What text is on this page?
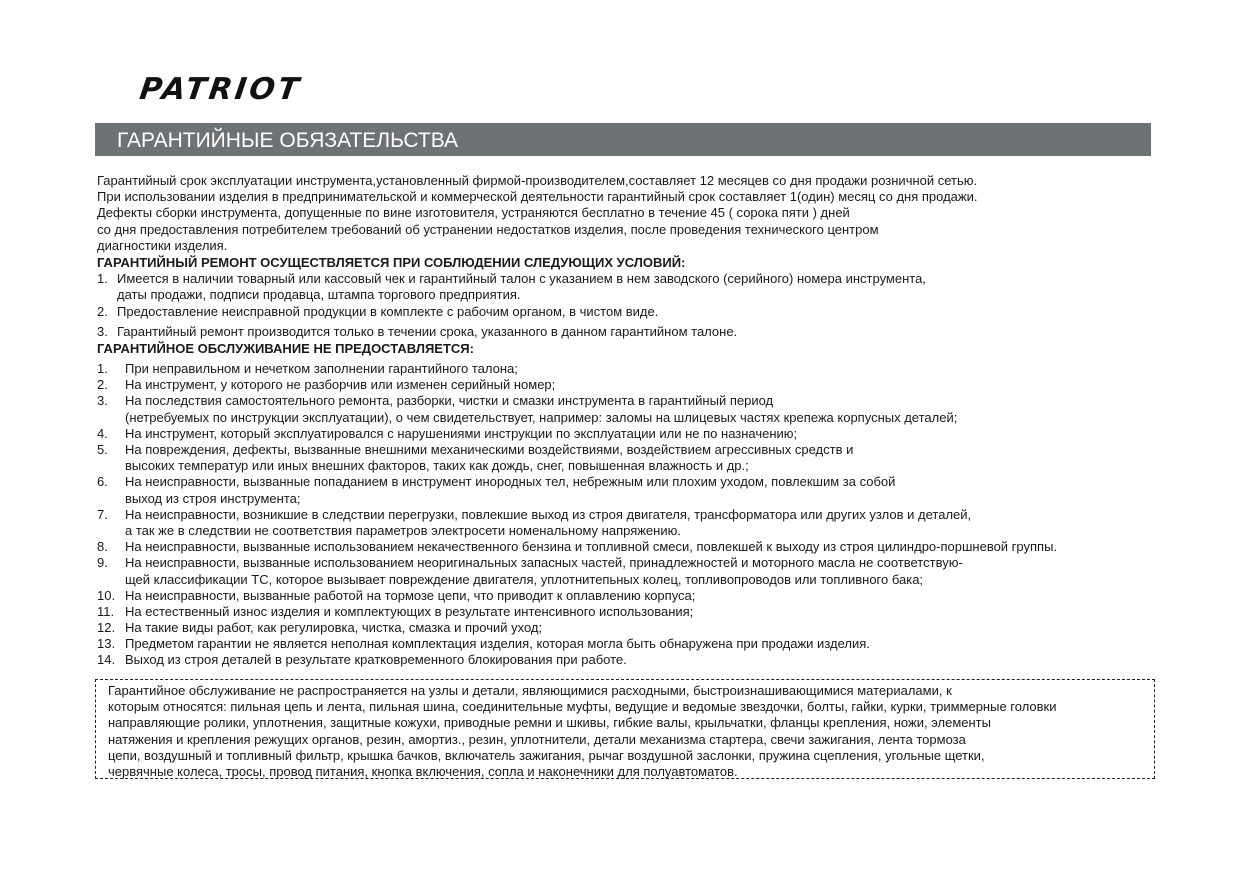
PATRIOT
ГАРАНТИЙНЫЕ ОБЯЗАТЕЛЬСТВА
Гарантийный срок эксплуатации инструмента,установленный фирмой-производителем,составляет 12 месяцев со дня продажи розничной сетью.
При использовании изделия в предпринимательской и коммерческой деятельности гарантийный срок составляет 1(один) месяц со дня продажи.
Дефекты сборки инструмента, допущенные по вине изготовителя, устраняются бесплатно в течение 45 ( сорока пяти ) дней
со дня предоставления потребителем требований об устранении недостатков изделия, после проведения технического центром
диагностики изделия.
ГАРАНТИЙНЫЙ РЕМОНТ ОСУЩЕСТВЛЯЕТСЯ ПРИ СОБЛЮДЕНИИ СЛЕДУЮЩИХ УСЛОВИЙ:
1. Имеется в наличии товарный или кассовый чек и гарантийный талон с указанием в нем заводского (серийного) номера инструмента,
даты продажи, подписи продавца, штампа торгового предприятия.
2. Предоставление неисправной продукции в комплекте с рабочим органом, в чистом виде.
3. Гарантийный ремонт производится только в течении срока, указанного в данном гарантийном талоне.
ГАРАНТИЙНОЕ ОБСЛУЖИВАНИЕ НЕ ПРЕДОСТАВЛЯЕТСЯ:
1. При неправильном и нечетком заполнении гарантийного талона;
2. На инструмент, у которого не разборчив или изменен серийный номер;
3. На последствия самостоятельного ремонта, разборки, чистки и смазки инструмента в гарантийный период
(нетребуемых по инструкции эксплуатации), о чем свидетельствует, например: заломы на шлицевых частях крепежа корпусных деталей;
4. На инструмент, который эксплуатировался с нарушениями инструкции по эксплуатации или не по назначению;
5. На повреждения, дефекты, вызванные внешними механическими воздействиями, воздействием агрессивных средств и
высоких температур или иных внешних факторов, таких как дождь, снег, повышенная влажность и др.;
6. На неисправности, вызванные попаданием в инструмент инородных тел, небрежным или плохим уходом, повлекшим за собой
выход из строя инструмента;
7. На неисправности, возникшие в следствии перегрузки, повлекшие выход из строя двигателя, трансформатора или других узлов и деталей,
а так же в следствии не соответствия параметров электросети номенальному напряжению.
8. На неисправности, вызванные использованием некачественного бензина и топливной смеси, повлекшей к выходу из строя цилиндро-поршневой группы.
9. На неисправности, вызванные использованием неоригинальных запасных частей, принадлежностей и моторного масла не соответствую-
щей классификации ТС, которое вызывает повреждение двигателя, уплотнитепьных колец, топливопроводов или топливного бака;
10. На неисправности, вызванные работой на тормозе цепи, что приводит к оплавлению корпуса;
11. На естественный износ изделия и комплектующих в результате интенсивного использования;
12. На такие виды работ, как регулировка, чистка, смазка и прочий уход;
13. Предметом гарантии не является неполная комплектация изделия, которая могла быть обнаружена при продажи изделия.
14. Выход из строя деталей в результате кратковременного блокирования при работе.
Гарантийное обслуживание не распространяется на узлы и детали, являющимися расходными, быстроизнашивающимися материалами, к
которым относятся: пильная цепь и лента, пильная шина, соединительные муфты, ведущие и ведомые звездочки, болты, гайки, курки, триммерные головки
направляющие ролики, уплотнения, защитные кожухи, приводные ремни и шкивы, гибкие валы, крыльчатки, фланцы крепления, ножи, элементы
натяжения и крепления режущих органов, резин, амортиз., резин, уплотнители, детали механизма стартера, свечи зажигания, лента тормоза
цепи, воздушный и топливный фильтр, крышка бачков, включатель зажигания, рычаг воздушной заслонки, пружина сцепления, угольные щетки,
червячные колеса, тросы, провод питания, кнопка включения, сопла и наконечники для полуавтоматов.
